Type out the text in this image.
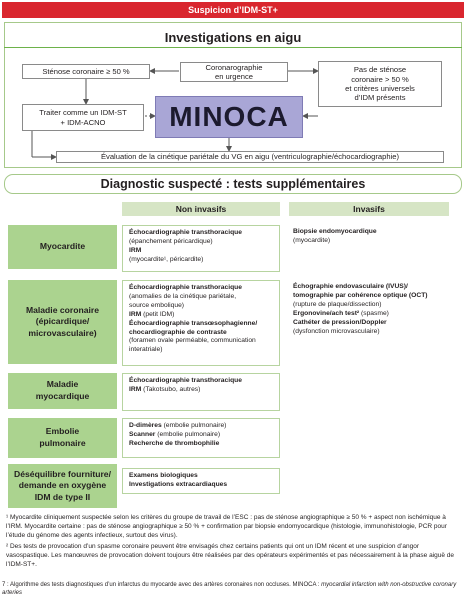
Suspicion d’IDM-ST+
Investigations en aigu
Coronarographie
en urgence
Sténose coronaire ≥ 50 %	Pas de sténose
coronaire > 50 %
et critères universels
d’IDM présents
Traiter comme un IDM-ST
+ IDM-ACNO MINOCA
Évaluation de la cinétique pariétale du VG en aigu (ventriculographie/échocardiographie)
Diagnostic suspecté : tests supplémentaires
Non invasifs	Invasifs
Myocardite
Échocardiographie transthoracique
(épanchement péricardique)
IRM
(myocardite¹, péricardite)
Biopsie endomyocardique
(myocardite)
Maladie coronaire
(épicardique/
microvasculaire)
Échocardiographie transthoracique
(anomalies de la cinétique pariétale,
source embolique)
IRM (petit IDM)
Échocardiographie transœsophagienne/
chocardiographie de contraste
(foramen ovale perméable, communication
interatriale)
Échographie endovasculaire (IVUS)/
tomographie par cohérence optique (OCT)
(rupture de plaque/dissection)
Ergonovine/ach test² (spasme)
Cathéter de pression/Doppler
(dysfonction microvasculaire)
Maladie
myocardique
Échocardiographie transthoracique
IRM (Takotsubo, autres)
Embolie
pulmonaire
D-dimères (embolie pulmonaire)
Scanner (embolie pulmonaire)
Recherche de thrombophilie
Déséquilibre fourniture/
demande en oxygène
IDM de type II
Examens biologiques
Investigations extracardiaques
¹ Myocardite cliniquement suspectée selon les critères du groupe de travail de l’ESC : pas de sténose angiographique ≥ 50 % + aspect non ischémique à l’IRM. Myocardite certaine : pas de sténose angiographique ≥ 50 % + confirmation par biopsie endomyocardique (histologie, immunohistologie, PCR pour l’étude du génome des agents infectieux, surtout des virus).
² Des tests de provocation d’un spasme coronaire peuvent être envisagés chez certains patients qui ont un IDM récent et une suspicion d’angor vasospastique. Les manœuvres de provocation doivent toujours être réalisées par des opérateurs expérimentés et pas nécessairement à la phase aiguë de l’IDM-ST+.
7 : Algorithme des tests diagnostiques d’un infarctus du myocarde avec des artères coronaires non occluses. MINOCA : myocardial infarction with non-obstructive coronary arteries
